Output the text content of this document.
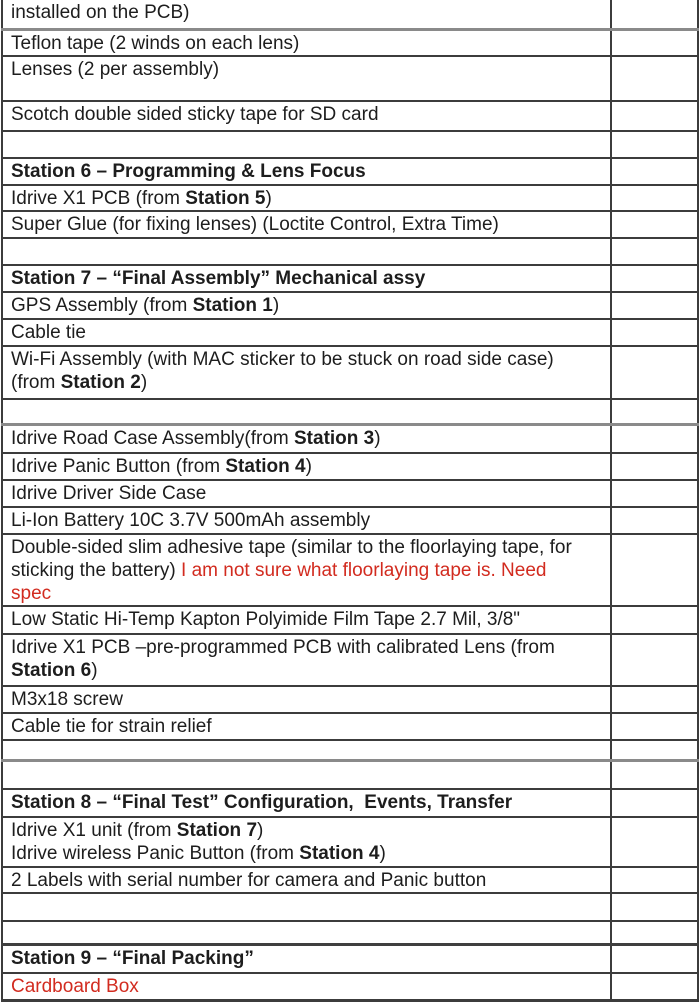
installed on the PCB)	

Teflon tape (2 winds on each lens)	

Lenses (2 per assembly)	

Scotch double sided sticky tape for SD card	

Station 6 – Programming & Lens Focus	

Idrive X1 PCB (from Station 5)	

Super Glue (for fixing lenses) (Loctite Control, Extra Time)	

Station 7 – “Final Assembly” Mechanical assy	

GPS Assembly (from Station 1)	

Cable tie	

Wi-Fi Assembly (with MAC sticker to be stuck on road side case)
(from Station 2)	

Idrive Road Case Assembly(from Station 3)	

Idrive Panic Button (from Station 4)	

Idrive Driver Side Case	

Li-Ion Battery 10C 3.7V 500mAh assembly	

Double-sided slim adhesive tape (similar to the floorlaying tape, for
sticking the battery) I am not sure what floorlaying tape is. Need
spec	

Low Static Hi-Temp Kapton Polyimide Film Tape 2.7 Mil, 3/8"	

Idrive X1 PCB –pre-programmed PCB with calibrated Lens (from
Station 6)	

M3x18 screw	

Cable tie for strain relief	

Station 8 – “Final Test” Configuration,  Events, Transfer	

Idrive X1 unit (from Station 7)
Idrive wireless Panic Button (from Station 4)	

2 Labels with serial number for camera and Panic button	

Station 9 – “Final Packing”	

Cardboard Box	
